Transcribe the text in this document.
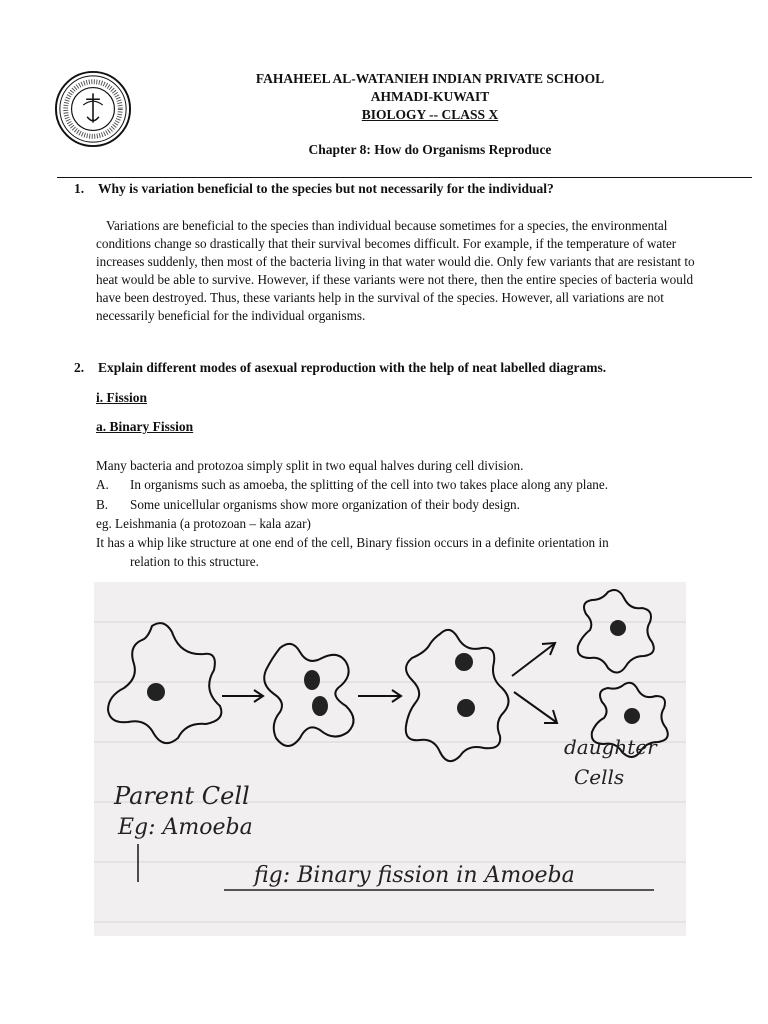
FAHAHEEL AL-WATANIEH INDIAN PRIVATE SCHOOL
AHMADI-KUWAIT
BIOLOGY -- CLASS X
Chapter 8: How do Organisms Reproduce
1. Why is variation beneficial to the species but not necessarily for the individual?

Variations are beneficial to the species than individual because sometimes for a species, the environmental conditions change so drastically that their survival becomes difficult. For example, if the temperature of water increases suddenly, then most of the bacteria living in that water would die. Only few variants that are resistant to heat would be able to survive. However, if these variants were not there, then the entire species of bacteria would have been destroyed. Thus, these variants help in the survival of the species. However, all variations are not necessarily beneficial for the individual organisms.

2. Explain different modes of asexual reproduction with the help of neat labelled diagrams.
i. Fission
a. Binary Fission
Many bacteria and protozoa simply split in two equal halves during cell division.
A. In organisms such as amoeba, the splitting of the cell into two takes place along any plane.
B. Some unicellular organisms show more organization of their body design.
eg. Leishmania (a protozoan – kala azar)
It has a whip like structure at one end of the cell, Binary fission occurs in a definite orientation in
relation to this structure.
daughter
Cells
Parent Cell
Eg: Amoeba
fig: Binary fission in Amoeba
